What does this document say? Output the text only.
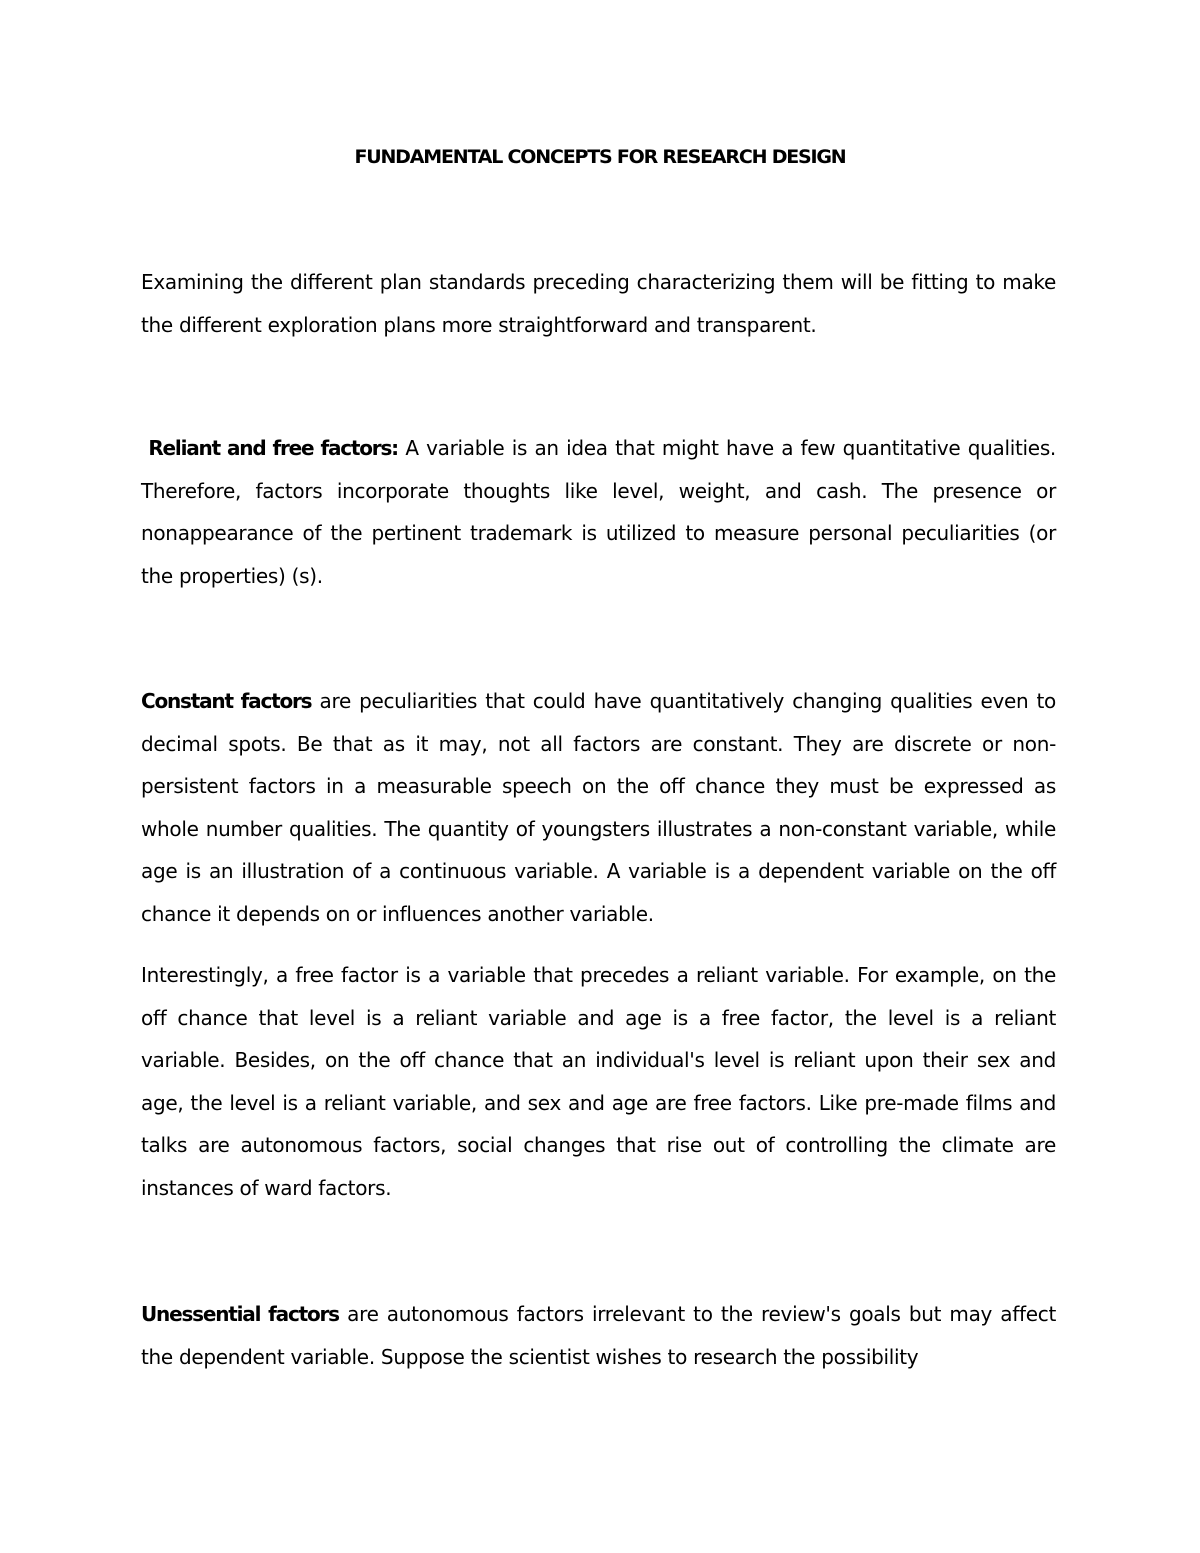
FUNDAMENTAL CONCEPTS FOR RESEARCH DESIGN

Examining the different plan standards preceding characterizing them will be fitting to make the different exploration plans more straightforward and transparent.

Reliant and free factors: A variable is an idea that might have a few quantitative qualities. Therefore, factors incorporate thoughts like level, weight, and cash. The presence or nonappearance of the pertinent trademark is utilized to measure personal peculiarities (or the properties) (s).

Constant factors are peculiarities that could have quantitatively changing qualities even to decimal spots. Be that as it may, not all factors are constant. They are discrete or non-persistent factors in a measurable speech on the off chance they must be expressed as whole number qualities. The quantity of youngsters illustrates a non-constant variable, while age is an illustration of a continuous variable. A variable is a dependent variable on the off chance it depends on or influences another variable.

Interestingly, a free factor is a variable that precedes a reliant variable. For example, on the off chance that level is a reliant variable and age is a free factor, the level is a reliant variable. Besides, on the off chance that an individual's level is reliant upon their sex and age, the level is a reliant variable, and sex and age are free factors. Like pre-made films and talks are autonomous factors, social changes that rise out of controlling the climate are instances of ward factors.

Unessential factors are autonomous factors irrelevant to the review's goals but may affect the dependent variable. Suppose the scientist wishes to research the possibility
